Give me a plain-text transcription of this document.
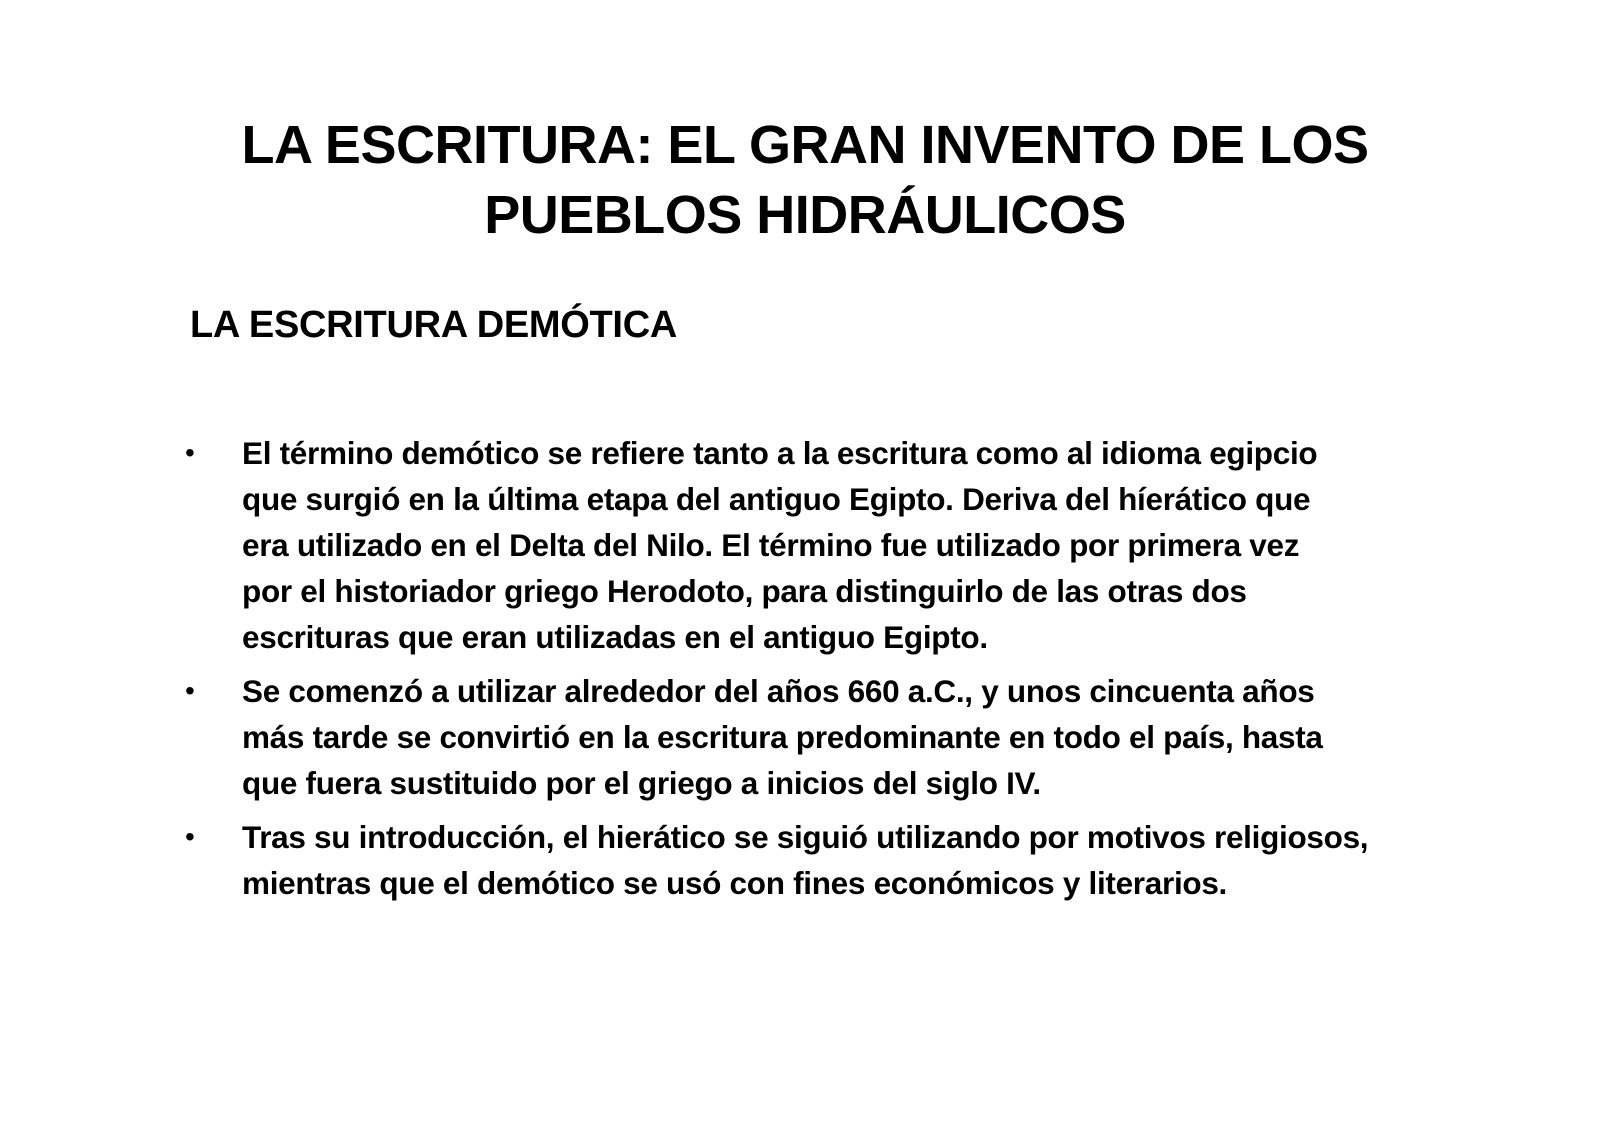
LA ESCRITURA: EL GRAN INVENTO DE LOS
PUEBLOS HIDRÁULICOS
LA ESCRITURA DEMÓTICA
• El término demótico se refiere tanto a la escritura como al idioma egipcio
que surgió en la última etapa del antiguo Egipto. Deriva del híerático que
era utilizado en el Delta del Nilo. El término fue utilizado por primera vez
por el historiador griego Herodoto, para distinguirlo de las otras dos
escrituras que eran utilizadas en el antiguo Egipto.
• Se comenzó a utilizar alrededor del años 660 a.C., y unos cincuenta años
más tarde se convirtió en la escritura predominante en todo el país, hasta
que fuera sustituido por el griego a inicios del siglo IV.
• Tras su introducción, el hierático se siguió utilizando por motivos religiosos,
mientras que el demótico se usó con fines económicos y literarios.
